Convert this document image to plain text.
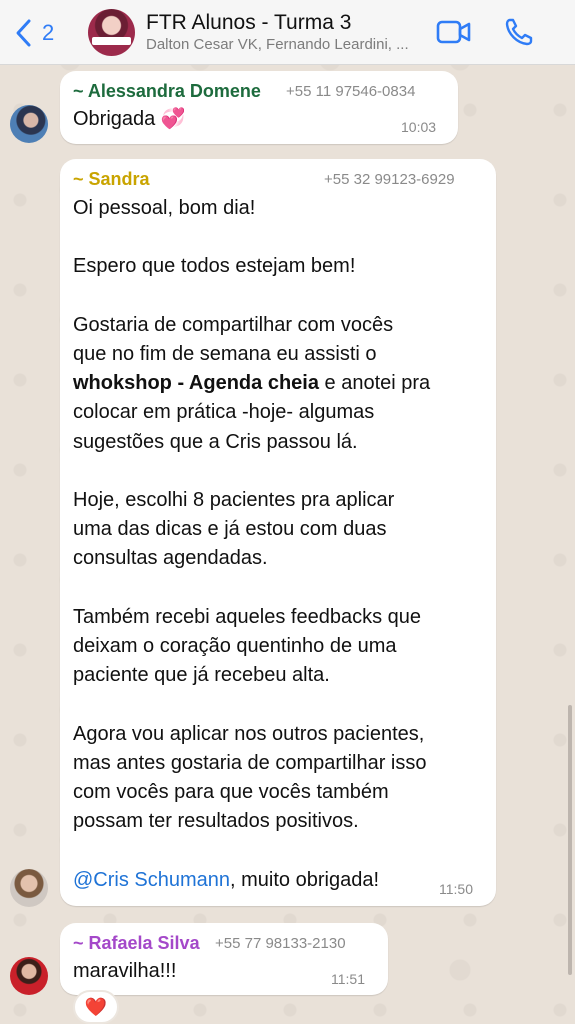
2	FTR Alunos - Turma 3
Dalton Cesar VK, Fernando Leardini, ...
~ Alessandra Domene +55 11 97546-0834
Obrigada 💞	10:03
~ Sandra	+55 32 99123-6929
Oi pessoal, bom dia!

Espero que todos estejam bem!

Gostaria de compartilhar com vocês
que no fim de semana eu assisti o
whokshop - Agenda cheia e anotei pra
colocar em prática -hoje- algumas
sugestões que a Cris passou lá.

Hoje, escolhi 8 pacientes pra aplicar
uma das dicas e já estou com duas
consultas agendadas.

Também recebi aqueles feedbacks que
deixam o coração quentinho de uma
paciente que já recebeu alta.

Agora vou aplicar nos outros pacientes,
mas antes gostaria de compartilhar isso
com vocês para que vocês também
possam ter resultados positivos.

@Cris Schumann, muito obrigada!	11:50
~ Rafaela Silva +55 77 98133-2130
maravilha!!!	11:51
❤️
